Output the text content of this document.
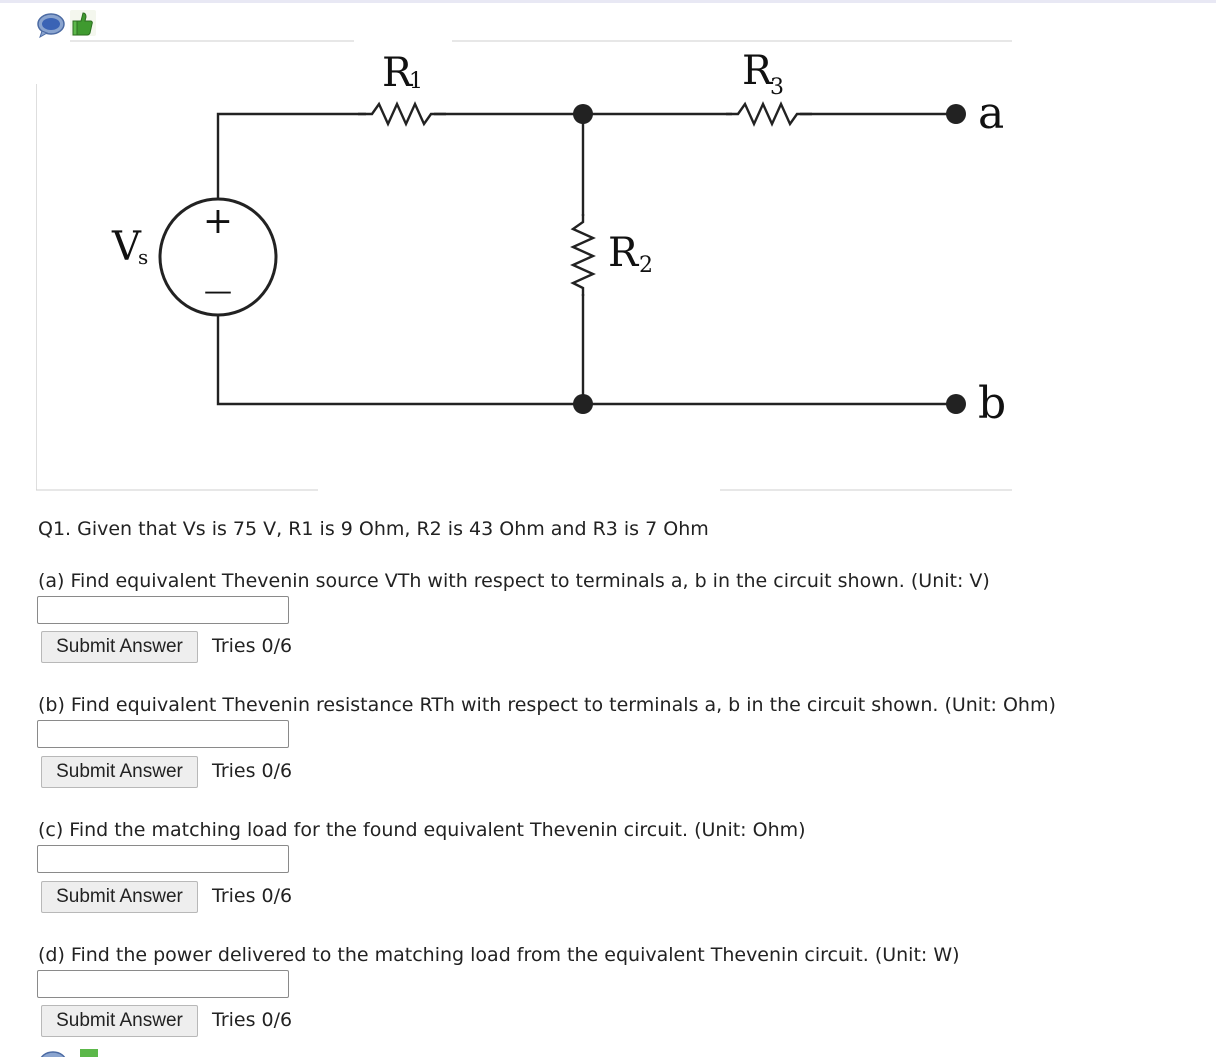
+
—
R
1	R
3
R 2
V
s
a
b
Q1. Given that Vs is 75 V, R1 is 9 Ohm, R2 is 43 Ohm and R3 is 7 Ohm
(a) Find equivalent Thevenin source VTh with respect to terminals a, b in the circuit shown. (Unit: V)
Submit Answer	Tries 0/6
(b) Find equivalent Thevenin resistance RTh with respect to terminals a, b in the circuit shown. (Unit: Ohm)
Submit Answer	Tries 0/6
(c) Find the matching load for the found equivalent Thevenin circuit. (Unit: Ohm)
Submit Answer	Tries 0/6
(d) Find the power delivered to the matching load from the equivalent Thevenin circuit. (Unit: W)
Submit Answer	Tries 0/6
